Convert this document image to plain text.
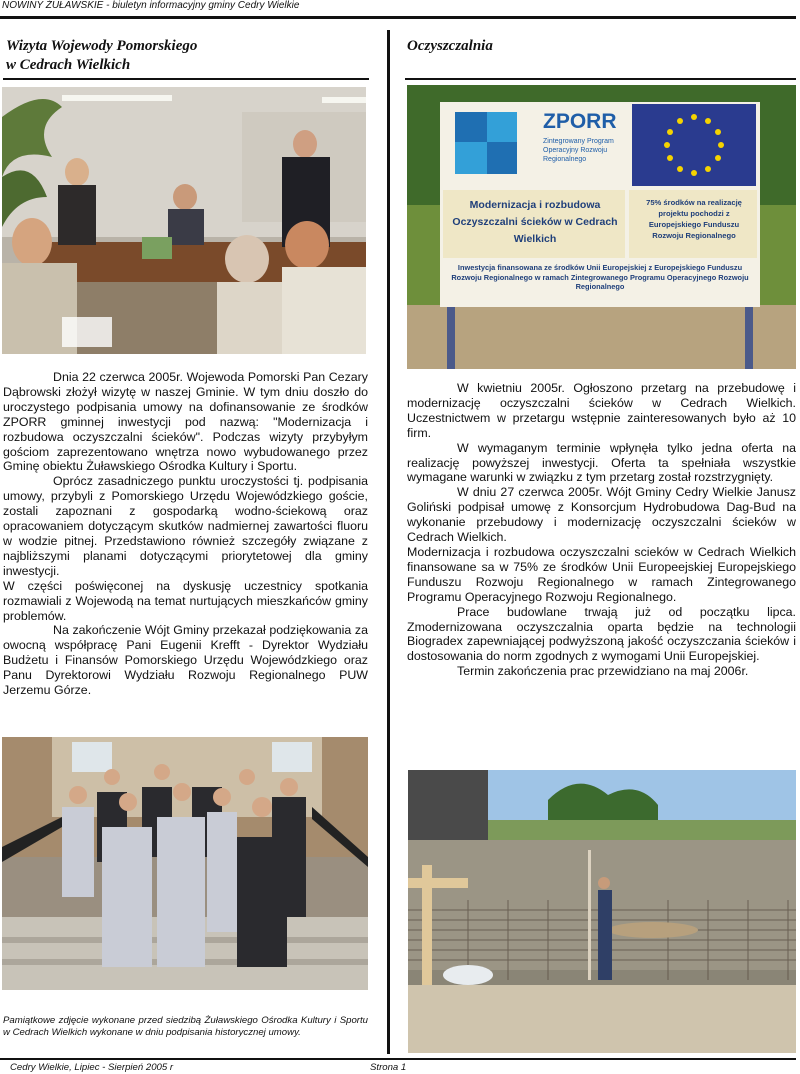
NOWINY ŻUŁAWSKIE - biuletyn informacyjny gminy Cedry Wielkie
Wizyta Wojewody Pomorskiego
w Cedrach Wielkich

Dnia 22 czerwca 2005r. Wojewoda Pomorski Pan Cezary Dąbrowski złożył wizytę w naszej Gminie. W tym dniu doszło do uroczystego podpisania umowy na dofinansowanie ze środków ZPORR gminnej inwestycji pod nazwą: "Modernizacja i rozbudowa oczyszczalni ścieków". Podczas wizyty przybyłym gościom zaprezentowano wnętrza nowo wybudowanego przez Gminę obiektu Żuławskiego Ośrodka Kultury i Sportu.

Oprócz zasadniczego punktu uroczystości tj. podpisania umowy, przybyli z Pomorskiego Urzędu Wojewódzkiego goście, zostali zapoznani z gospodarką wodno-ściekową oraz opracowaniem dotyczącym skutków nadmiernej zawartości fluoru w wodzie pitnej. Przedstawiono również szczegóły związane z najbliższymi planami dotyczącymi priorytetowej dla gminy inwestycji.

W części poświęconej na dyskusję uczestnicy spotkania rozmawiali z Wojewodą na temat nurtujących mieszkańców gminy problemów.

Na zakończenie Wójt Gminy przekazał podziękowania za owocną współpracę Pani Eugenii Krefft - Dyrektor Wydziału Budżetu i Finansów Pomorskiego Urzędu Wojewódzkiego oraz Panu Dyrektorowi Wydziału Rozwoju Regionalnego PUW Jerzemu Górze.

Pamiątkowe zdjęcie wykonane przed siedzibą Żuławskiego Ośrodka Kultury i Sportu w Cedrach Wielkich wykonane w dniu podpisania historycznej umowy.
Oczyszczalnia
ZPORR
Zintegrowany Program Operacyjny Rozwoju Regionalnego
Modernizacja i rozbudowa Oczyszczalni ścieków w Cedrach Wielkich
75% środków na realizację projektu pochodzi z Europejskiego Funduszu Rozwoju Regionalnego
Inwestycja finansowana ze środków Unii Europejskiej z Europejskiego Funduszu Rozwoju Regionalnego w ramach Zintegrowanego Programu Operacyjnego Rozwoju Regionalnego

W kwietniu 2005r. Ogłoszono przetarg na przebudowę i modernizację oczyszczalni ścieków w Cedrach Wielkich. Uczestnictwem w przetargu wstępnie zainteresowanych było aż 10 firm.

W wymaganym terminie wpłynęła tylko jedna oferta na realizację powyższej inwestycji. Oferta ta spełniała wszystkie wymagane warunki w związku z tym przetarg został rozstrzygnięty.

W dniu 27 czerwca 2005r. Wójt Gminy Cedry Wielkie Janusz Goliński podpisał umowę z Konsorcjum Hydrobudowa Dag-Bud na wykonanie przebudowy i modernizację oczyszczalni ścieków w Cedrach Wielkich.

Modernizacja i rozbudowa oczyszczalni scieków w Cedrach Wielkich finansowane sa w 75% ze środków Unii Europeejskiej Europejskiego Funduszu Rozwoju Regionalnego w ramach Zintegrowanego Programu Operacyjnego Rozwoju Regionalnego.

Prace budowlane trwają już od początku lipca. Zmodernizowana oczyszczalnia oparta będzie na technologii Biogradex zapewniającej podwyższoną jakość oczyszczania ścieków i dostosowania do norm zgodnych z wymogami Unii Europejskiej.

Termin zakończenia prac przewidziano na maj 2006r.

Cedry Wielkie, Lipiec - Sierpień 2005 r	Strona 1
